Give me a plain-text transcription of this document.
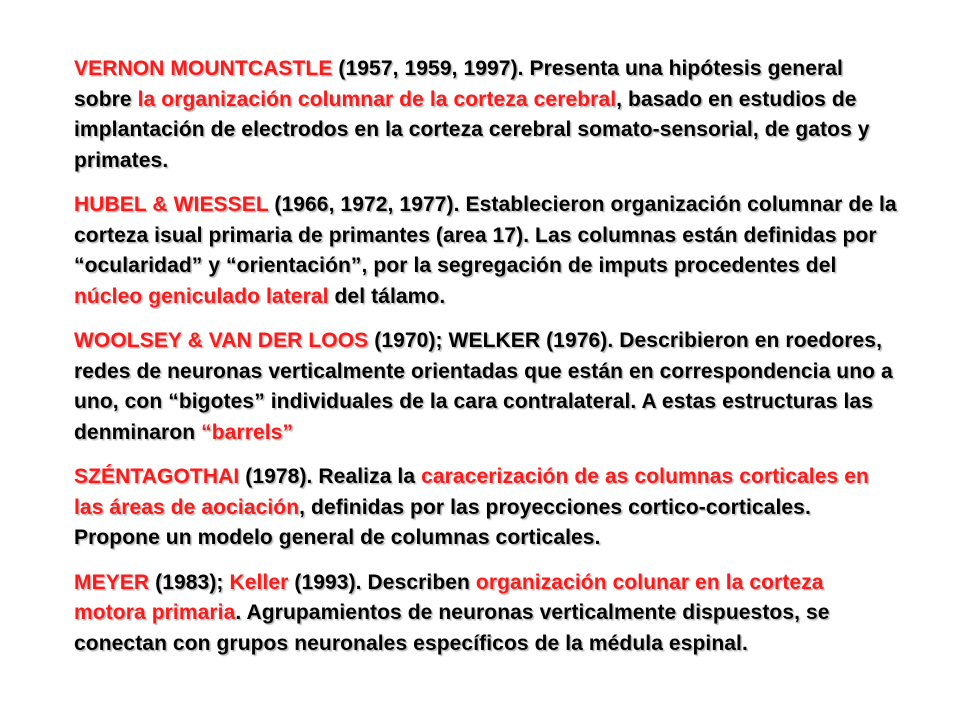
VERNON MOUNTCASTLE (1957, 1959, 1997). Presenta una hipótesis general sobre la organización columnar de la corteza cerebral, basado en estudios de implantación de electrodos en la corteza cerebral somato-sensorial, de gatos y primates.

HUBEL & WIESSEL (1966, 1972, 1977). Establecieron organización columnar de la corteza isual primaria de primantes (area 17). Las columnas están definidas por “ocularidad” y “orientación”, por la segregación de imputs procedentes del núcleo geniculado lateral del tálamo.

WOOLSEY & VAN DER LOOS (1970); WELKER (1976). Describieron en roedores, redes de neuronas verticalmente orientadas que están en correspondencia uno a uno, con “bigotes” individuales de la cara contralateral. A estas estructuras las denminaron “barrels”

SZÉNTAGOTHAI (1978). Realiza la caracerización de as columnas corticales en las áreas de aociación, definidas por las proyecciones cortico-corticales. Propone un modelo general de columnas corticales.

MEYER (1983); Keller (1993). Describen organización colunar en la corteza motora primaria. Agrupamientos de neuronas verticalmente dispuestos, se conectan con grupos neuronales específicos de la médula espinal.
